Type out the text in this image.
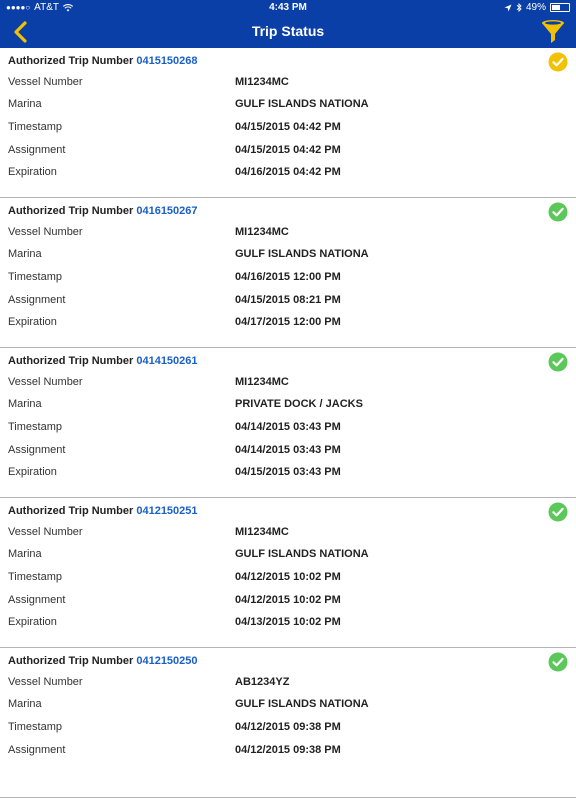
●●●●○ AT&T	4:43 PM	49%
Trip Status
Authorized Trip Number 0415150268
Vessel Number	MI1234MC
Marina	GULF ISLANDS NATIONA
Timestamp	04/15/2015 04:42 PM
Assignment	04/15/2015 04:42 PM
Expiration	04/16/2015 04:42 PM
Authorized Trip Number 0416150267
Vessel Number	MI1234MC
Marina	GULF ISLANDS NATIONA
Timestamp	04/16/2015 12:00 PM
Assignment	04/15/2015 08:21 PM
Expiration	04/17/2015 12:00 PM
Authorized Trip Number 0414150261
Vessel Number	MI1234MC
Marina	PRIVATE DOCK / JACKS
Timestamp	04/14/2015 03:43 PM
Assignment	04/14/2015 03:43 PM
Expiration	04/15/2015 03:43 PM
Authorized Trip Number 0412150251
Vessel Number	MI1234MC
Marina	GULF ISLANDS NATIONA
Timestamp	04/12/2015 10:02 PM
Assignment	04/12/2015 10:02 PM
Expiration	04/13/2015 10:02 PM
Authorized Trip Number 0412150250
Vessel Number	AB1234YZ
Marina	GULF ISLANDS NATIONA
Timestamp	04/12/2015 09:38 PM
Assignment	04/12/2015 09:38 PM
